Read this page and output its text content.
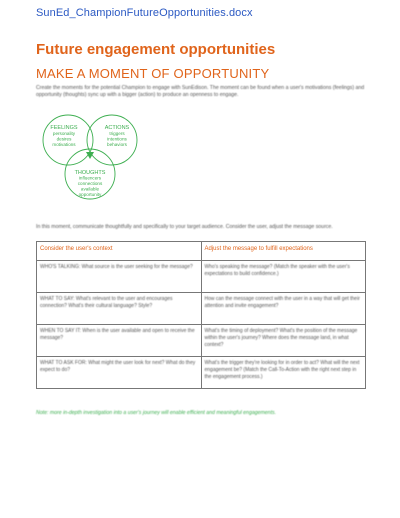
SunEd_ChampionFutureOpportunities.docx
Future engagement opportunities
MAKE A MOMENT OF OPPORTUNITY
Create the moments for the potential Champion to engage with SunEdison. The moment can be found when a user's motivations (feelings) and opportunity (thoughts) sync up with a bigger (action) to produce an openness to engage.
FEELINGS
personality
desires
motivations
ACTIONS
triggers
intentions
behaviors
THOUGHTS
influencers
connections
available
opportunity
In this moment, communicate thoughtfully and specifically to your target audience. Consider the user, adjust the message source.
Consider the user's context	Adjust the message to fulfill expectations
WHO'S TALKING: What source is the user seeking for the message?	Who's speaking the message? (Match the speaker with the user's expectations to build confidence.)
WHAT TO SAY: What's relevant to the user and encourages connection? What's their cultural language? Style?	How can the message connect with the user in a way that will get their attention and invite engagement?
WHEN TO SAY IT: When is the user available and open to receive the message?	What's the timing of deployment? What's the position of the message within the user's journey? Where does the message land, in what context?
WHAT TO ASK FOR: What might the user look for next? What do they expect to do?	What's the trigger they're looking for in order to act? What will the next engagement be? (Match the Call-To-Action with the right next step in the engagement process.)
Note: more in-depth investigation into a user's journey will enable efficient and meaningful engagements.
